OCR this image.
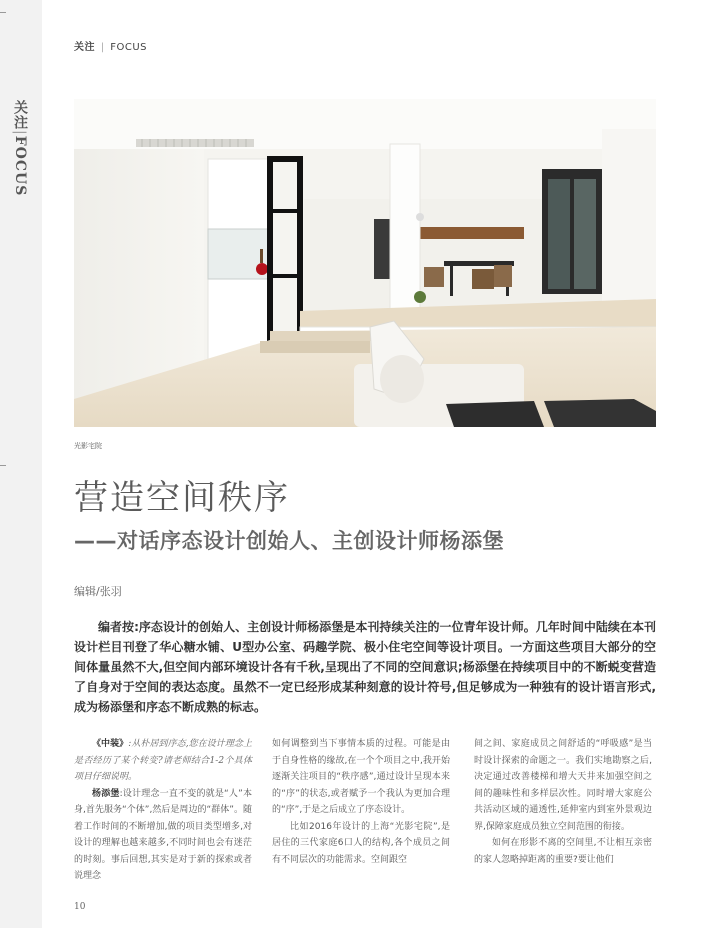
关注|FOCUS
关注 | FOCUS
光影宅院
营造空间秩序
——对话序态设计创始人、主创设计师杨添堡
编辑/张羽

编者按:序态设计的创始人、主创设计师杨添堡是本刊持续关注的一位青年设计师。几年时间中陆续在本刊设计栏目刊登了华心糖水铺、U型办公室、码趣学院、极小住宅空间等设计项目。一方面这些项目大部分的空间体量虽然不大,但空间内部环境设计各有千秋,呈现出了不同的空间意识;杨添堡在持续项目中的不断蜕变营造了自身对于空间的表达态度。虽然不一定已经形成某种刻意的设计符号,但足够成为一种独有的设计语言形式,成为杨添堡和序态不断成熟的标志。

《中装》:从朴居到序态,您在设计理念上是否经历了某个转变?请老师结合1-2个具体项目仔细说明。

杨添堡:设计理念一直不变的就是“人”本身,首先服务“个体”,然后是周边的“群体”。随着工作时间的不断增加,做的项目类型增多,对设计的理解也越来越多,不同时间也会有迷茫的时刻。事后回想,其实是对于新的探索或者说理念

如何调整到当下事情本质的过程。可能是由于自身性格的缘故,在一个个项目之中,我开始逐渐关注项目的“秩序感”,通过设计呈现本来的“序”的状态,或者赋予一个我认为更加合理的“序”,于是之后成立了序态设计。

比如2016年设计的上海“光影宅院”,是居住的三代家庭6口人的结构,各个成员之间有不同层次的功能需求。空间跟空

间之间、家庭成员之间舒适的“呼吸感”是当时设计探索的命题之一。我们实地勘察之后,决定通过改善楼梯和增大天井来加强空间之间的趣味性和多样层次性。同时增大家庭公共活动区域的通透性,延伸室内到室外景观边界,保障家庭成员独立空间范围的衔接。

如何在形影不离的空间里,不让相互亲密的家人忽略掉距离的重要?要让他们

10
